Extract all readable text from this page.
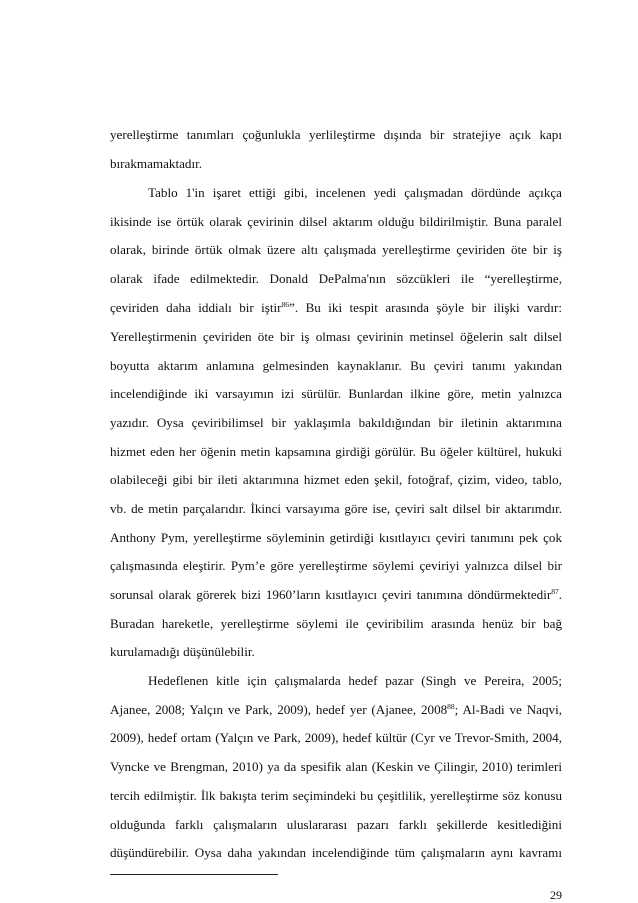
yerelleştirme tanımları çoğunlukla yerlileştirme dışında bir stratejiye açık kapı
bırakmamaktadır.
Tablo 1'in işaret ettiği gibi, incelenen yedi çalışmadan dördünde açıkça
ikisinde ise örtük olarak çevirinin dilsel aktarım olduğu bildirilmiştir. Buna paralel
olarak, birinde örtük olmak üzere altı çalışmada yerelleştirme çeviriden öte bir iş
olarak ifade edilmektedir. Donald DePalma'nın sözcükleri ile “yerelleştirme,
çeviriden daha iddialı bir iştir$^{86}$”. Bu iki tespit arasında şöyle bir ilişki vardır:
Yerelleştirmenin çeviriden öte bir iş olması çevirinin metinsel öğelerin salt dilsel
boyutta aktarım anlamına gelmesinden kaynaklanır. Bu çeviri tanımı yakından
incelendiğinde iki varsayımın izi sürülür. Bunlardan ilkine göre, metin yalnızca
yazıdır. Oysa çeviribilimsel bir yaklaşımla bakıldığından bir iletinin aktarımına
hizmet eden her öğenin metin kapsamına girdiği görülür. Bu öğeler kültürel, hukuki
olabileceği gibi bir ileti aktarımına hizmet eden şekil, fotoğraf, çizim, video, tablo,
vb. de metin parçalarıdır. İkinci varsayıma göre ise, çeviri salt dilsel bir aktarımdır.
Anthony Pym, yerelleştirme söyleminin getirdiği kısıtlayıcı çeviri tanımını pek çok
çalışmasında eleştirir. Pym’e göre yerelleştirme söylemi çeviriyi yalnızca dilsel bir
sorunsal olarak görerek bizi 1960’ların kısıtlayıcı çeviri tanımına döndürmektedir$^{87}$.
Buradan hareketle, yerelleştirme söylemi ile çeviribilim arasında henüz bir bağ
kurulamadığı düşünülebilir.
Hedeflenen kitle için çalışmalarda hedef pazar (Singh ve Pereira, 2005;
Ajanee, 2008; Yalçın ve Park, 2009), hedef yer (Ajanee, 2008$^{88}$; Al-Badi ve Naqvi,
2009), hedef ortam (Yalçın ve Park, 2009), hedef kültür (Cyr ve Trevor-Smith, 2004,
Vyncke ve Brengman, 2010) ya da spesifik alan (Keskin ve Çilingir, 2010) terimleri
tercih edilmiştir. İlk bakışta terim seçimindeki bu çeşitlilik, yerelleştirme söz konusu
olduğunda farklı çalışmaların uluslararası pazarı farklı şekillerde kesitlediğini
düşündürebilir. Oysa daha yakından incelendiğinde tüm çalışmaların aynı kavramı
29
